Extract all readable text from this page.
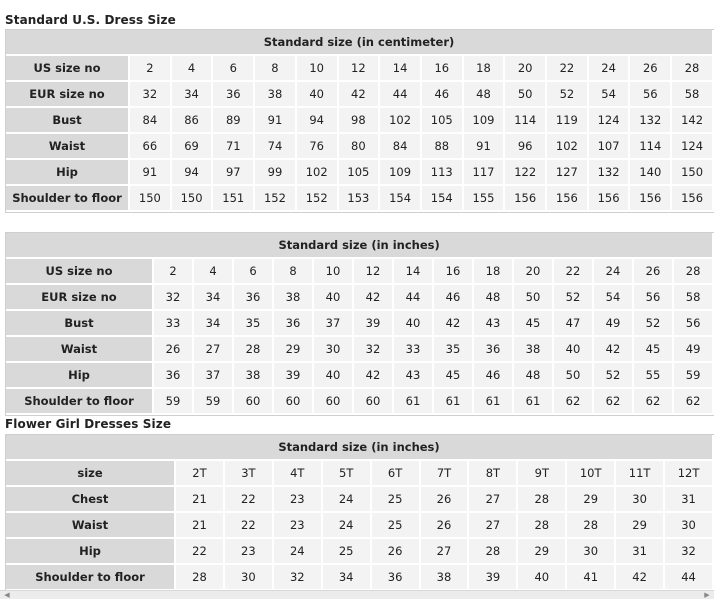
Standard U.S. Dress Size
Standard size (in centimeter)														
US size no	2	4	6	8	10	12	14	16	18	20	22	24	26	28
EUR size no	32	34	36	38	40	42	44	46	48	50	52	54	56	58
Bust	84	86	89	91	94	98	102	105	109	114	119	124	132	142
Waist	66	69	71	74	76	80	84	88	91	96	102	107	114	124
Hip	91	94	97	99	102	105	109	113	117	122	127	132	140	150
Shoulder to floor	150	150	151	152	152	153	154	154	155	156	156	156	156	156
Standard size (in inches)														
US size no	2	4	6	8	10	12	14	16	18	20	22	24	26	28
EUR size no	32	34	36	38	40	42	44	46	48	50	52	54	56	58
Bust	33	34	35	36	37	39	40	42	43	45	47	49	52	56
Waist	26	27	28	29	30	32	33	35	36	38	40	42	45	49
Hip	36	37	38	39	40	42	43	45	46	48	50	52	55	59
Shoulder to floor	59	59	60	60	60	60	61	61	61	61	62	62	62	62
Flower Girl Dresses Size
Standard size (in inches)											
size	2T	3T	4T	5T	6T	7T	8T	9T	10T	11T	12T
Chest	21	22	23	24	25	26	27	28	29	30	31
Waist	21	22	23	24	25	26	27	28	28	29	30
Hip	22	23	24	25	26	27	28	29	30	31	32
Shoulder to floor	28	30	32	34	36	38	39	40	41	42	44
◀	▶
